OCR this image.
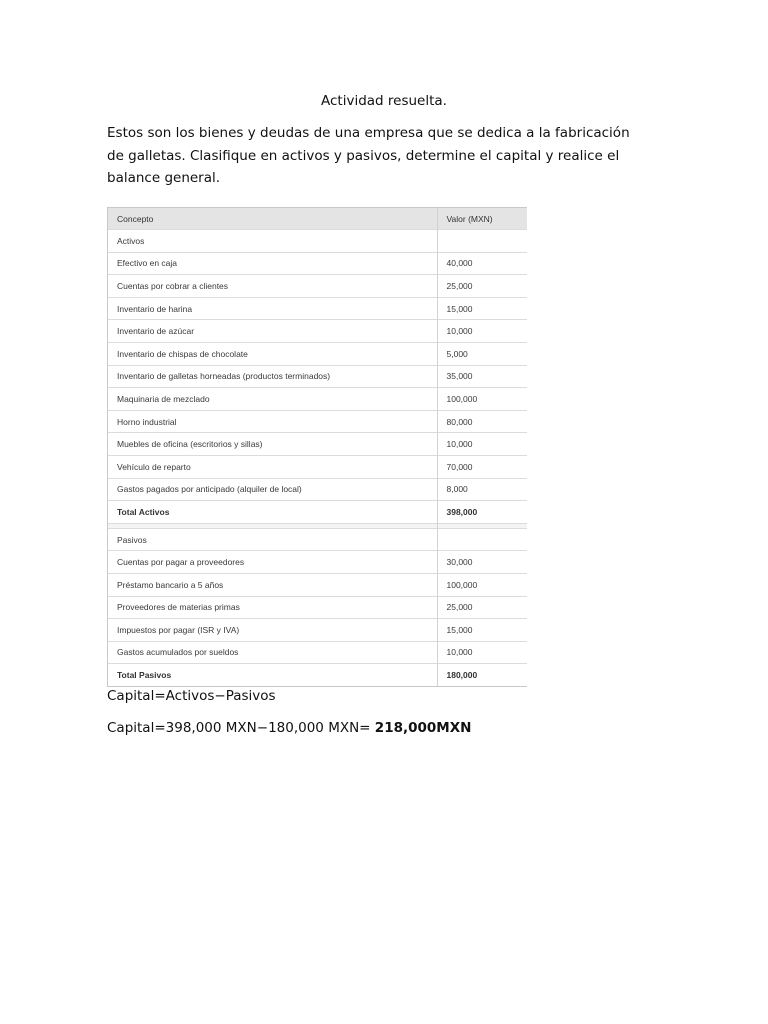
Actividad resuelta.
Estos son los bienes y deudas de una empresa que se dedica a la fabricación de galletas. Clasifique en activos y pasivos, determine el capital y realice el balance general.
Concepto	Valor (MXN)
Activos	
Efectivo en caja	40,000
Cuentas por cobrar a clientes	25,000
Inventario de harina	15,000
Inventario de azúcar	10,000
Inventario de chispas de chocolate	5,000
Inventario de galletas horneadas (productos terminados)	35,000
Maquinaria de mezclado	100,000
Horno industrial	80,000
Muebles de oficina (escritorios y sillas)	10,000
Vehículo de reparto	70,000
Gastos pagados por anticipado (alquiler de local)	8,000
Total Activos	398,000

Pasivos	
Cuentas por pagar a proveedores	30,000
Préstamo bancario a 5 años	100,000
Proveedores de materias primas	25,000
Impuestos por pagar (ISR y IVA)	15,000
Gastos acumulados por sueldos	10,000
Total Pasivos	180,000
Capital=Activos−Pasivos
Capital=398,000 MXN−180,000 MXN= 218,000MXN
